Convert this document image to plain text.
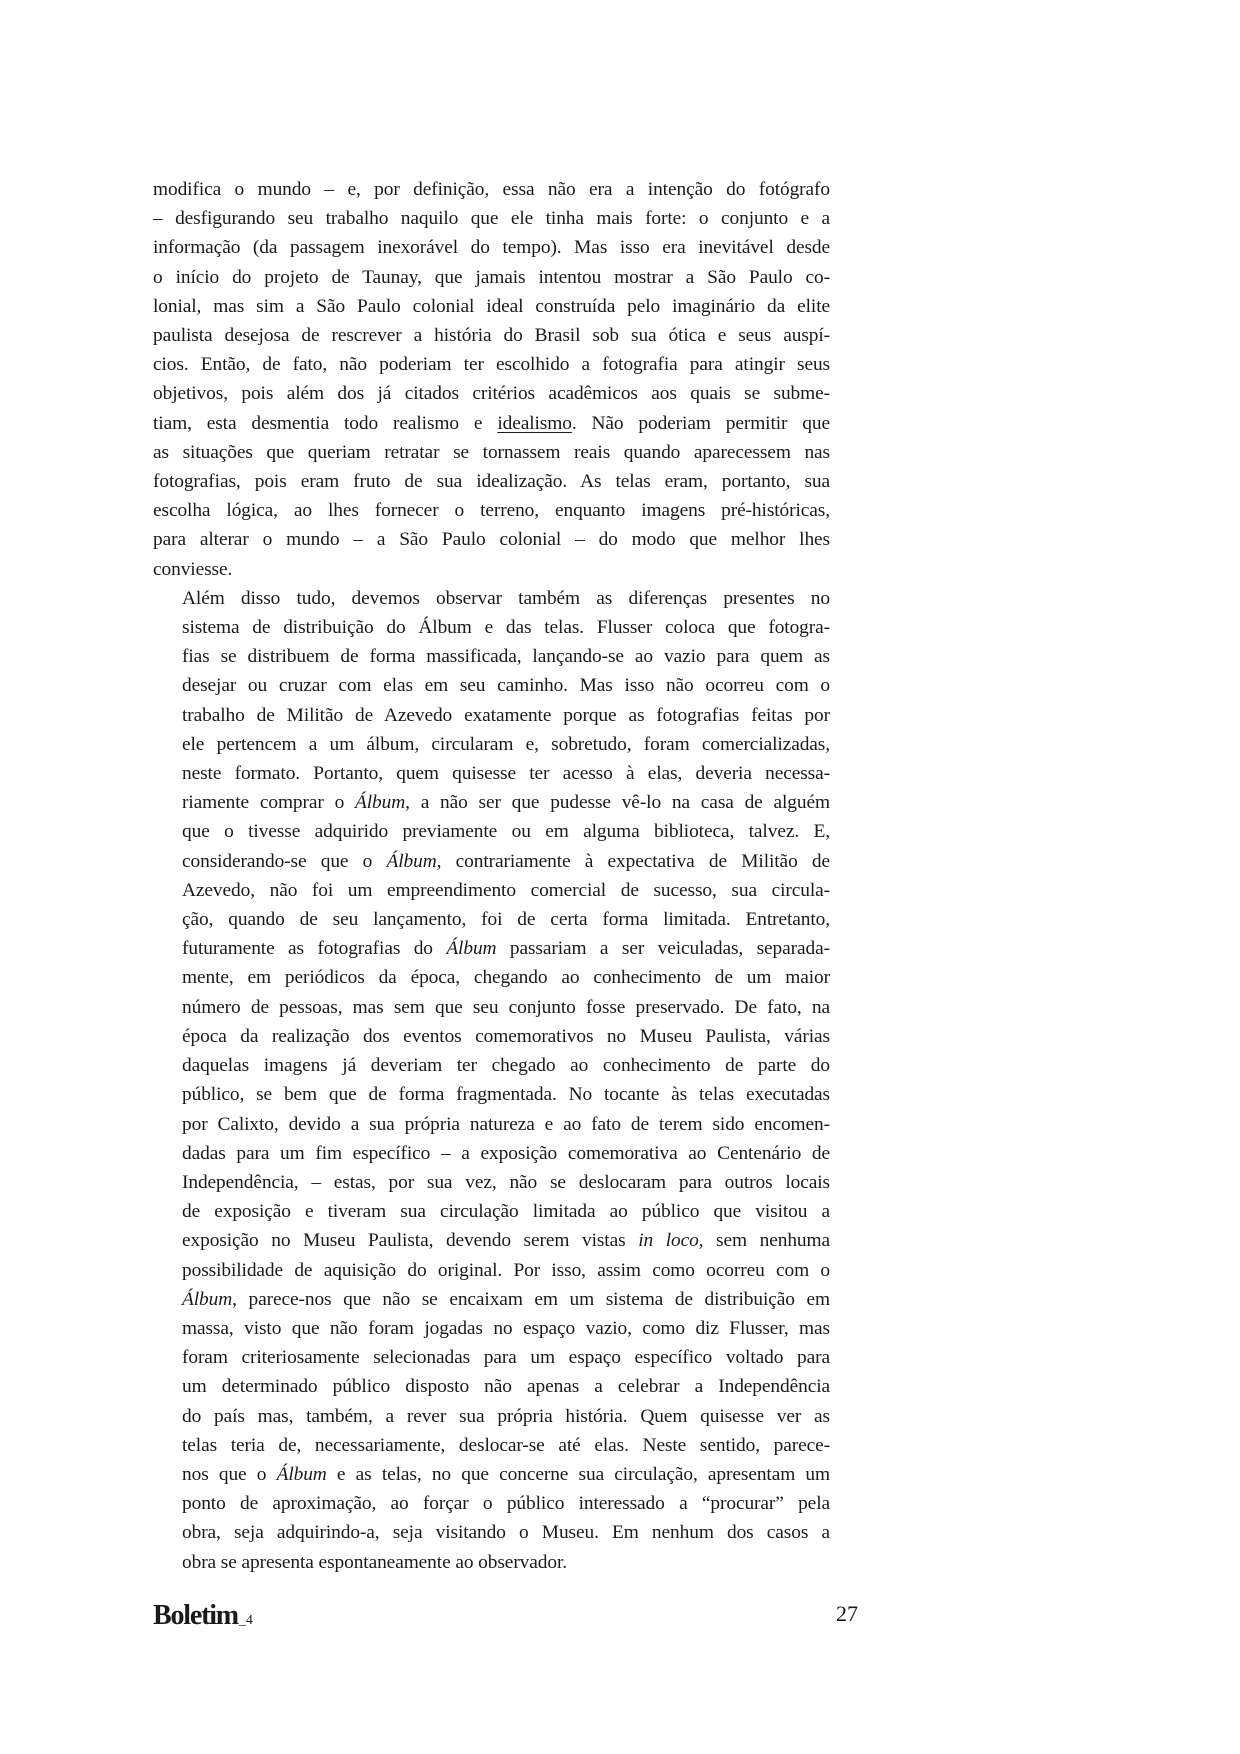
modifica o mundo – e, por definição, essa não era a intenção do fotógrafo
– desfigurando seu trabalho naquilo que ele tinha mais forte: o conjunto e a
informação (da passagem inexorável do tempo). Mas isso era inevitável desde
o início do projeto de Taunay, que jamais intentou mostrar a São Paulo co-
lonial, mas sim a São Paulo colonial ideal construída pelo imaginário da elite
paulista desejosa de rescrever a história do Brasil sob sua ótica e seus auspí-
cios. Então, de fato, não poderiam ter escolhido a fotografia para atingir seus
objetivos, pois além dos já citados critérios acadêmicos aos quais se subme-
tiam, esta desmentia todo realismo e idealismo. Não poderiam permitir que
as situações que queriam retratar se tornassem reais quando aparecessem nas
fotografias, pois eram fruto de sua idealização. As telas eram, portanto, sua
escolha lógica, ao lhes fornecer o terreno, enquanto imagens pré-históricas,
para alterar o mundo – a São Paulo colonial – do modo que melhor lhes
conviesse.

Além disso tudo, devemos observar também as diferenças presentes no
sistema de distribuição do Álbum e das telas. Flusser coloca que fotogra-
fias se distribuem de forma massificada, lançando-se ao vazio para quem as
desejar ou cruzar com elas em seu caminho. Mas isso não ocorreu com o
trabalho de Militão de Azevedo exatamente porque as fotografias feitas por
ele pertencem a um álbum, circularam e, sobretudo, foram comercializadas,
neste formato. Portanto, quem quisesse ter acesso à elas, deveria necessa-
riamente comprar o Álbum, a não ser que pudesse vê-lo na casa de alguém
que o tivesse adquirido previamente ou em alguma biblioteca, talvez. E,
considerando-se que o Álbum, contrariamente à expectativa de Militão de
Azevedo, não foi um empreendimento comercial de sucesso, sua circula-
ção, quando de seu lançamento, foi de certa forma limitada. Entretanto,
futuramente as fotografias do Álbum passariam a ser veiculadas, separada-
mente, em periódicos da época, chegando ao conhecimento de um maior
número de pessoas, mas sem que seu conjunto fosse preservado. De fato, na
época da realização dos eventos comemorativos no Museu Paulista, várias
daquelas imagens já deveriam ter chegado ao conhecimento de parte do
público, se bem que de forma fragmentada. No tocante às telas executadas
por Calixto, devido a sua própria natureza e ao fato de terem sido encomen-
dadas para um fim específico – a exposição comemorativa ao Centenário de
Independência, – estas, por sua vez, não se deslocaram para outros locais
de exposição e tiveram sua circulação limitada ao público que visitou a
exposição no Museu Paulista, devendo serem vistas in loco, sem nenhuma
possibilidade de aquisição do original. Por isso, assim como ocorreu com o
Álbum, parece-nos que não se encaixam em um sistema de distribuição em
massa, visto que não foram jogadas no espaço vazio, como diz Flusser, mas
foram criteriosamente selecionadas para um espaço específico voltado para
um determinado público disposto não apenas a celebrar a Independência
do país mas, também, a rever sua própria história. Quem quisesse ver as
telas teria de, necessariamente, deslocar-se até elas. Neste sentido, parece-
nos que o Álbum e as telas, no que concerne sua circulação, apresentam um
ponto de aproximação, ao forçar o público interessado a “procurar” pela
obra, seja adquirindo-a, seja visitando o Museu. Em nenhum dos casos a
obra se apresenta espontaneamente ao observador.

Boletim_4	27
